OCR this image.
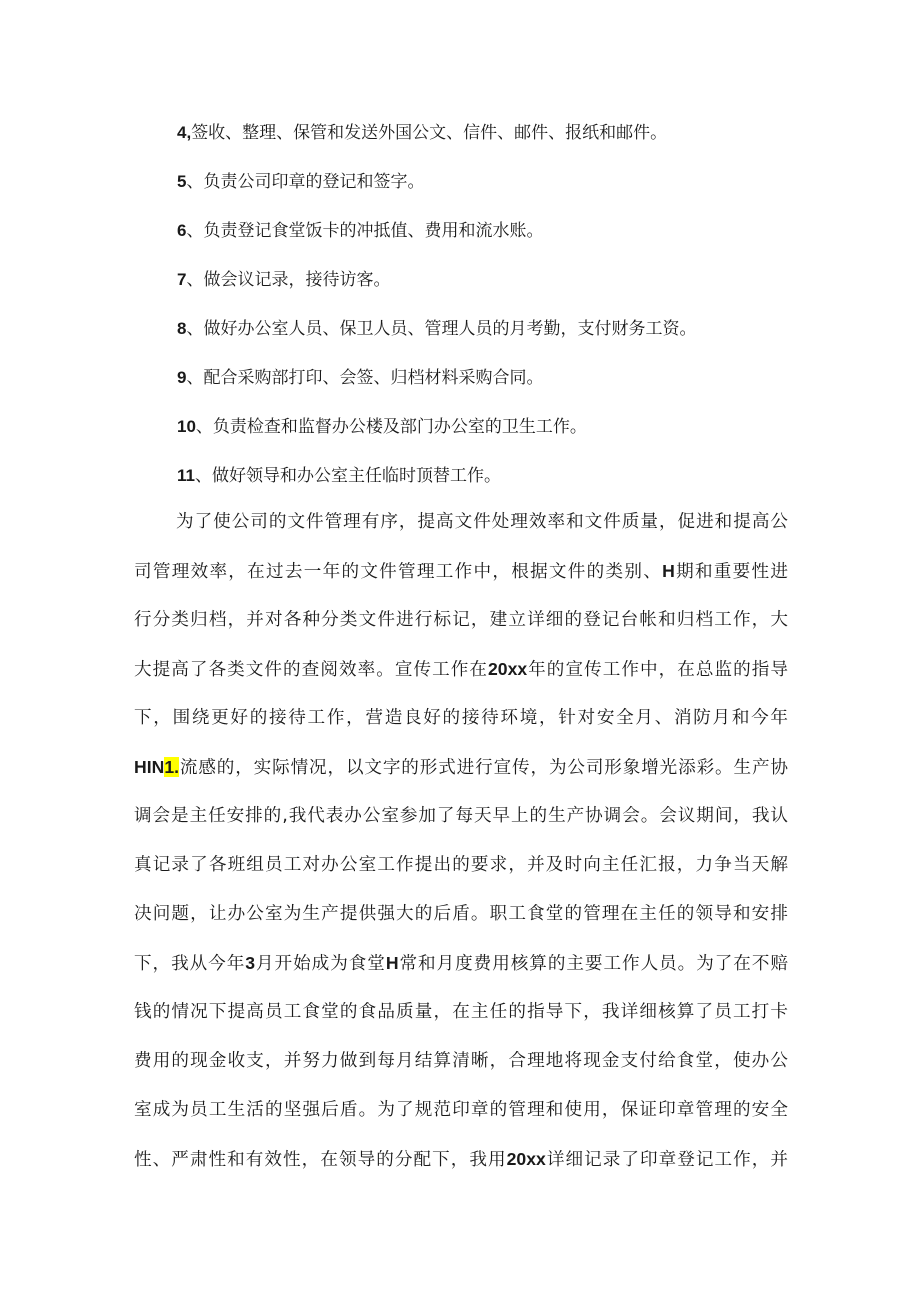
4,签收、整理、保管和发送外国公文、信件、邮件、报纸和邮件。
5、负责公司印章的登记和签字。
6、负责登记食堂饭卡的冲抵值、费用和流水账。
7、做会议记录，接待访客。
8、做好办公室人员、保卫人员、管理人员的月考勤，支付财务工资。
9、配合采购部打印、会签、归档材料采购合同。
10、负责检查和监督办公楼及部门办公室的卫生工作。
11、做好领导和办公室主任临时顶替工作。
为了使公司的文件管理有序，提高文件处理效率和文件质量，促进和提高公
司管理效率，在过去一年的文件管理工作中，根据文件的类别、H期和重要性进
行分类归档，并对各种分类文件进行标记，建立详细的登记台帐和归档工作，大
大提高了各类文件的查阅效率。宣传工作在20xx年的宣传工作中，在总监的指导
下，围绕更好的接待工作，营造良好的接待环境，针对安全月、消防月和今年
HIN1.流感的，实际情况，以文字的形式进行宣传，为公司形象增光添彩。生产协
调会是主任安排的,我代表办公室参加了每天早上的生产协调会。会议期间，我认
真记录了各班组员工对办公室工作提出的要求，并及时向主任汇报，力争当天解
决问题，让办公室为生产提供强大的后盾。职工食堂的管理在主任的领导和安排
下，我从今年3月开始成为食堂H常和月度费用核算的主要工作人员。为了在不赔
钱的情况下提高员工食堂的食品质量，在主任的指导下，我详细核算了员工打卡
费用的现金收支，并努力做到每月结算清晰，合理地将现金支付给食堂，使办公
室成为员工生活的坚强后盾。为了规范印章的管理和使用，保证印章管理的安全
性、严肃性和有效性，在领导的分配下，我用20xx详细记录了印章登记工作，并
